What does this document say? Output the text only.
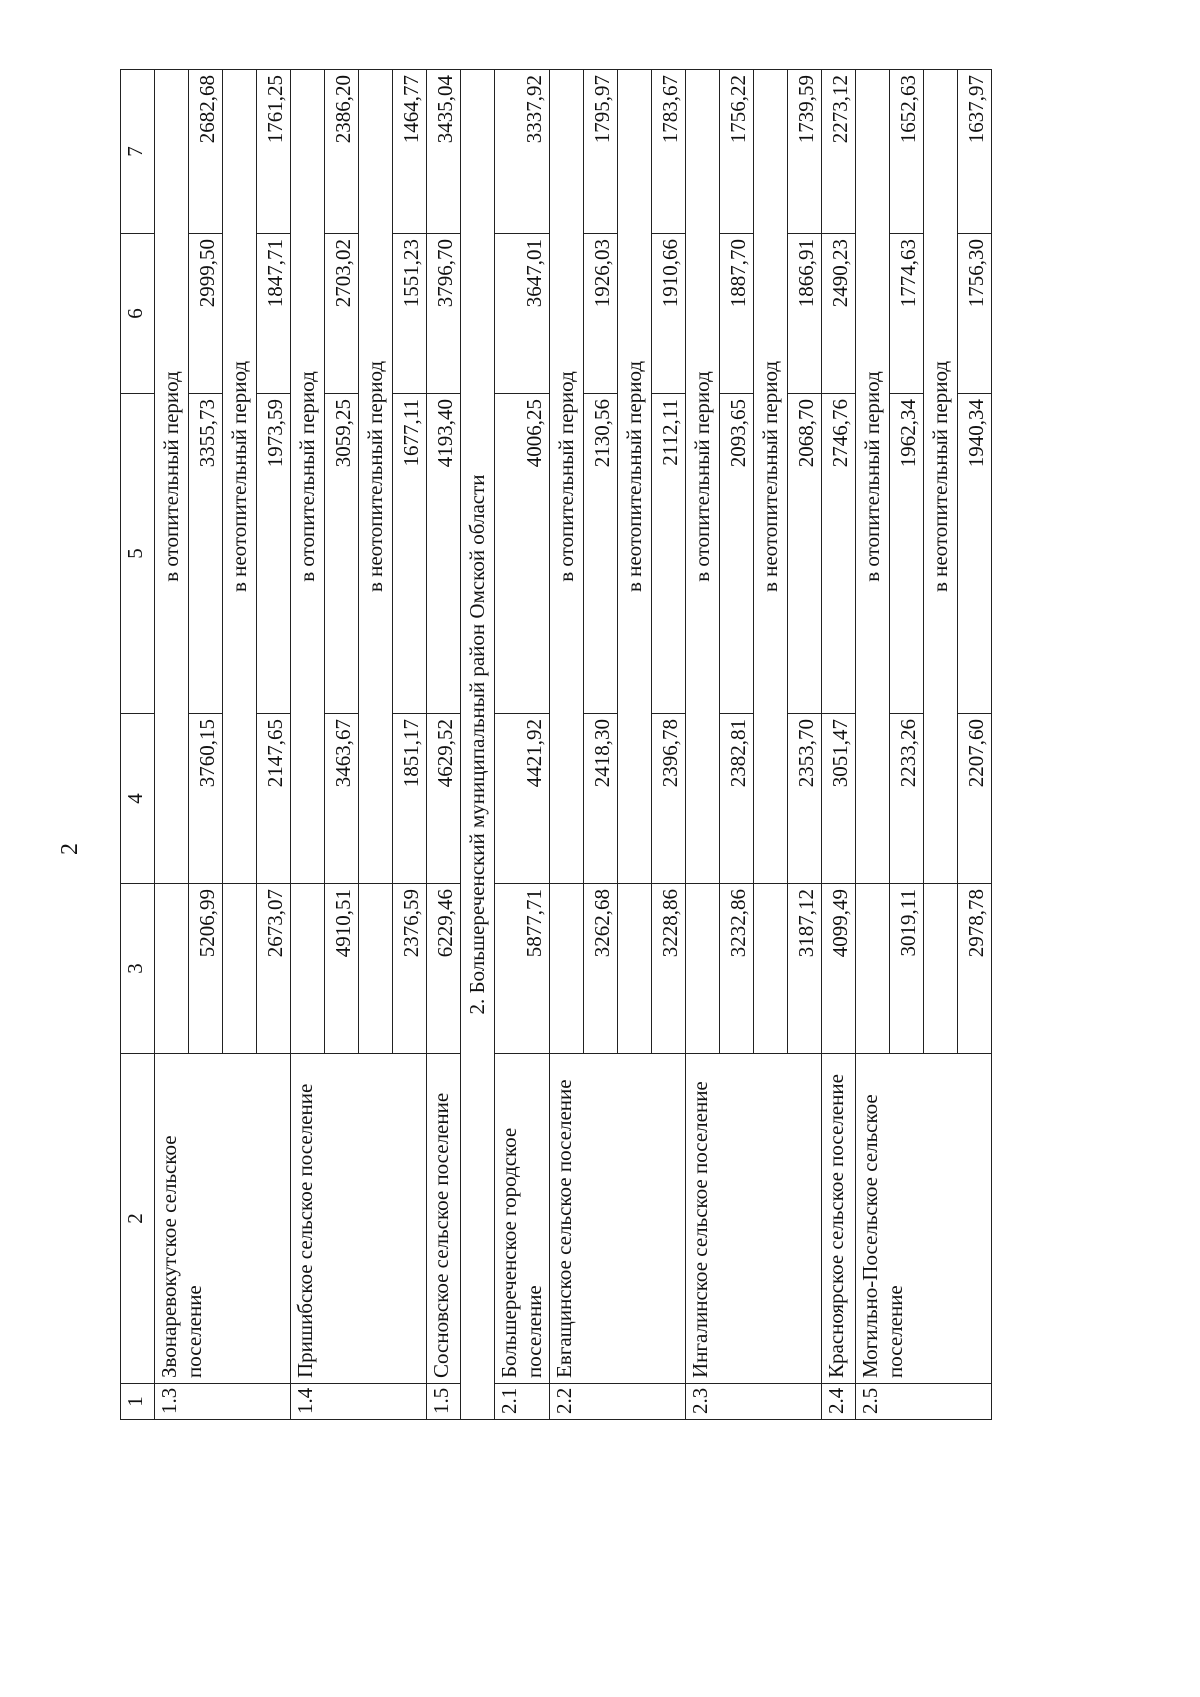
2
1	2	3	4	5	6	7
1.3	Звонаревокутское сельское поселение		в отопительный период			
		5206,99	3760,15	3355,73	2999,50	2682,68
			в неотопительный период			
		2673,07	2147,65	1973,59	1847,71	1761,25
1.4	Пришибское сельское поселение		в отопительный период			
		4910,51	3463,67	3059,25	2703,02	2386,20
			в неотопительный период			
		2376,59	1851,17	1677,11	1551,23	1464,77
1.5	Сосновское сельское поселение	6229,46	4629,52	4193,40	3796,70	3435,04
2. Большереченский муниципальный район Омской области						
2.1	Большереченское городское поселение	5877,71	4421,92	4006,25	3647,01	3337,92
2.2	Евгащинское сельское поселение		в отопительный период			
		3262,68	2418,30	2130,56	1926,03	1795,97
			в неотопительный период			
		3228,86	2396,78	2112,11	1910,66	1783,67
2.3	Ингалинское сельское поселение		в отопительный период			
		3232,86	2382,81	2093,65	1887,70	1756,22
			в неотопительный период			
		3187,12	2353,70	2068,70	1866,91	1739,59
2.4	Красноярское сельское поселение	4099,49	3051,47	2746,76	2490,23	2273,12
2.5	Могильно-Посельское сельское поселение		в отопительный период			
		3019,11	2233,26	1962,34	1774,63	1652,63
			в неотопительный период			
		2978,78	2207,60	1940,34	1756,30	1637,97
